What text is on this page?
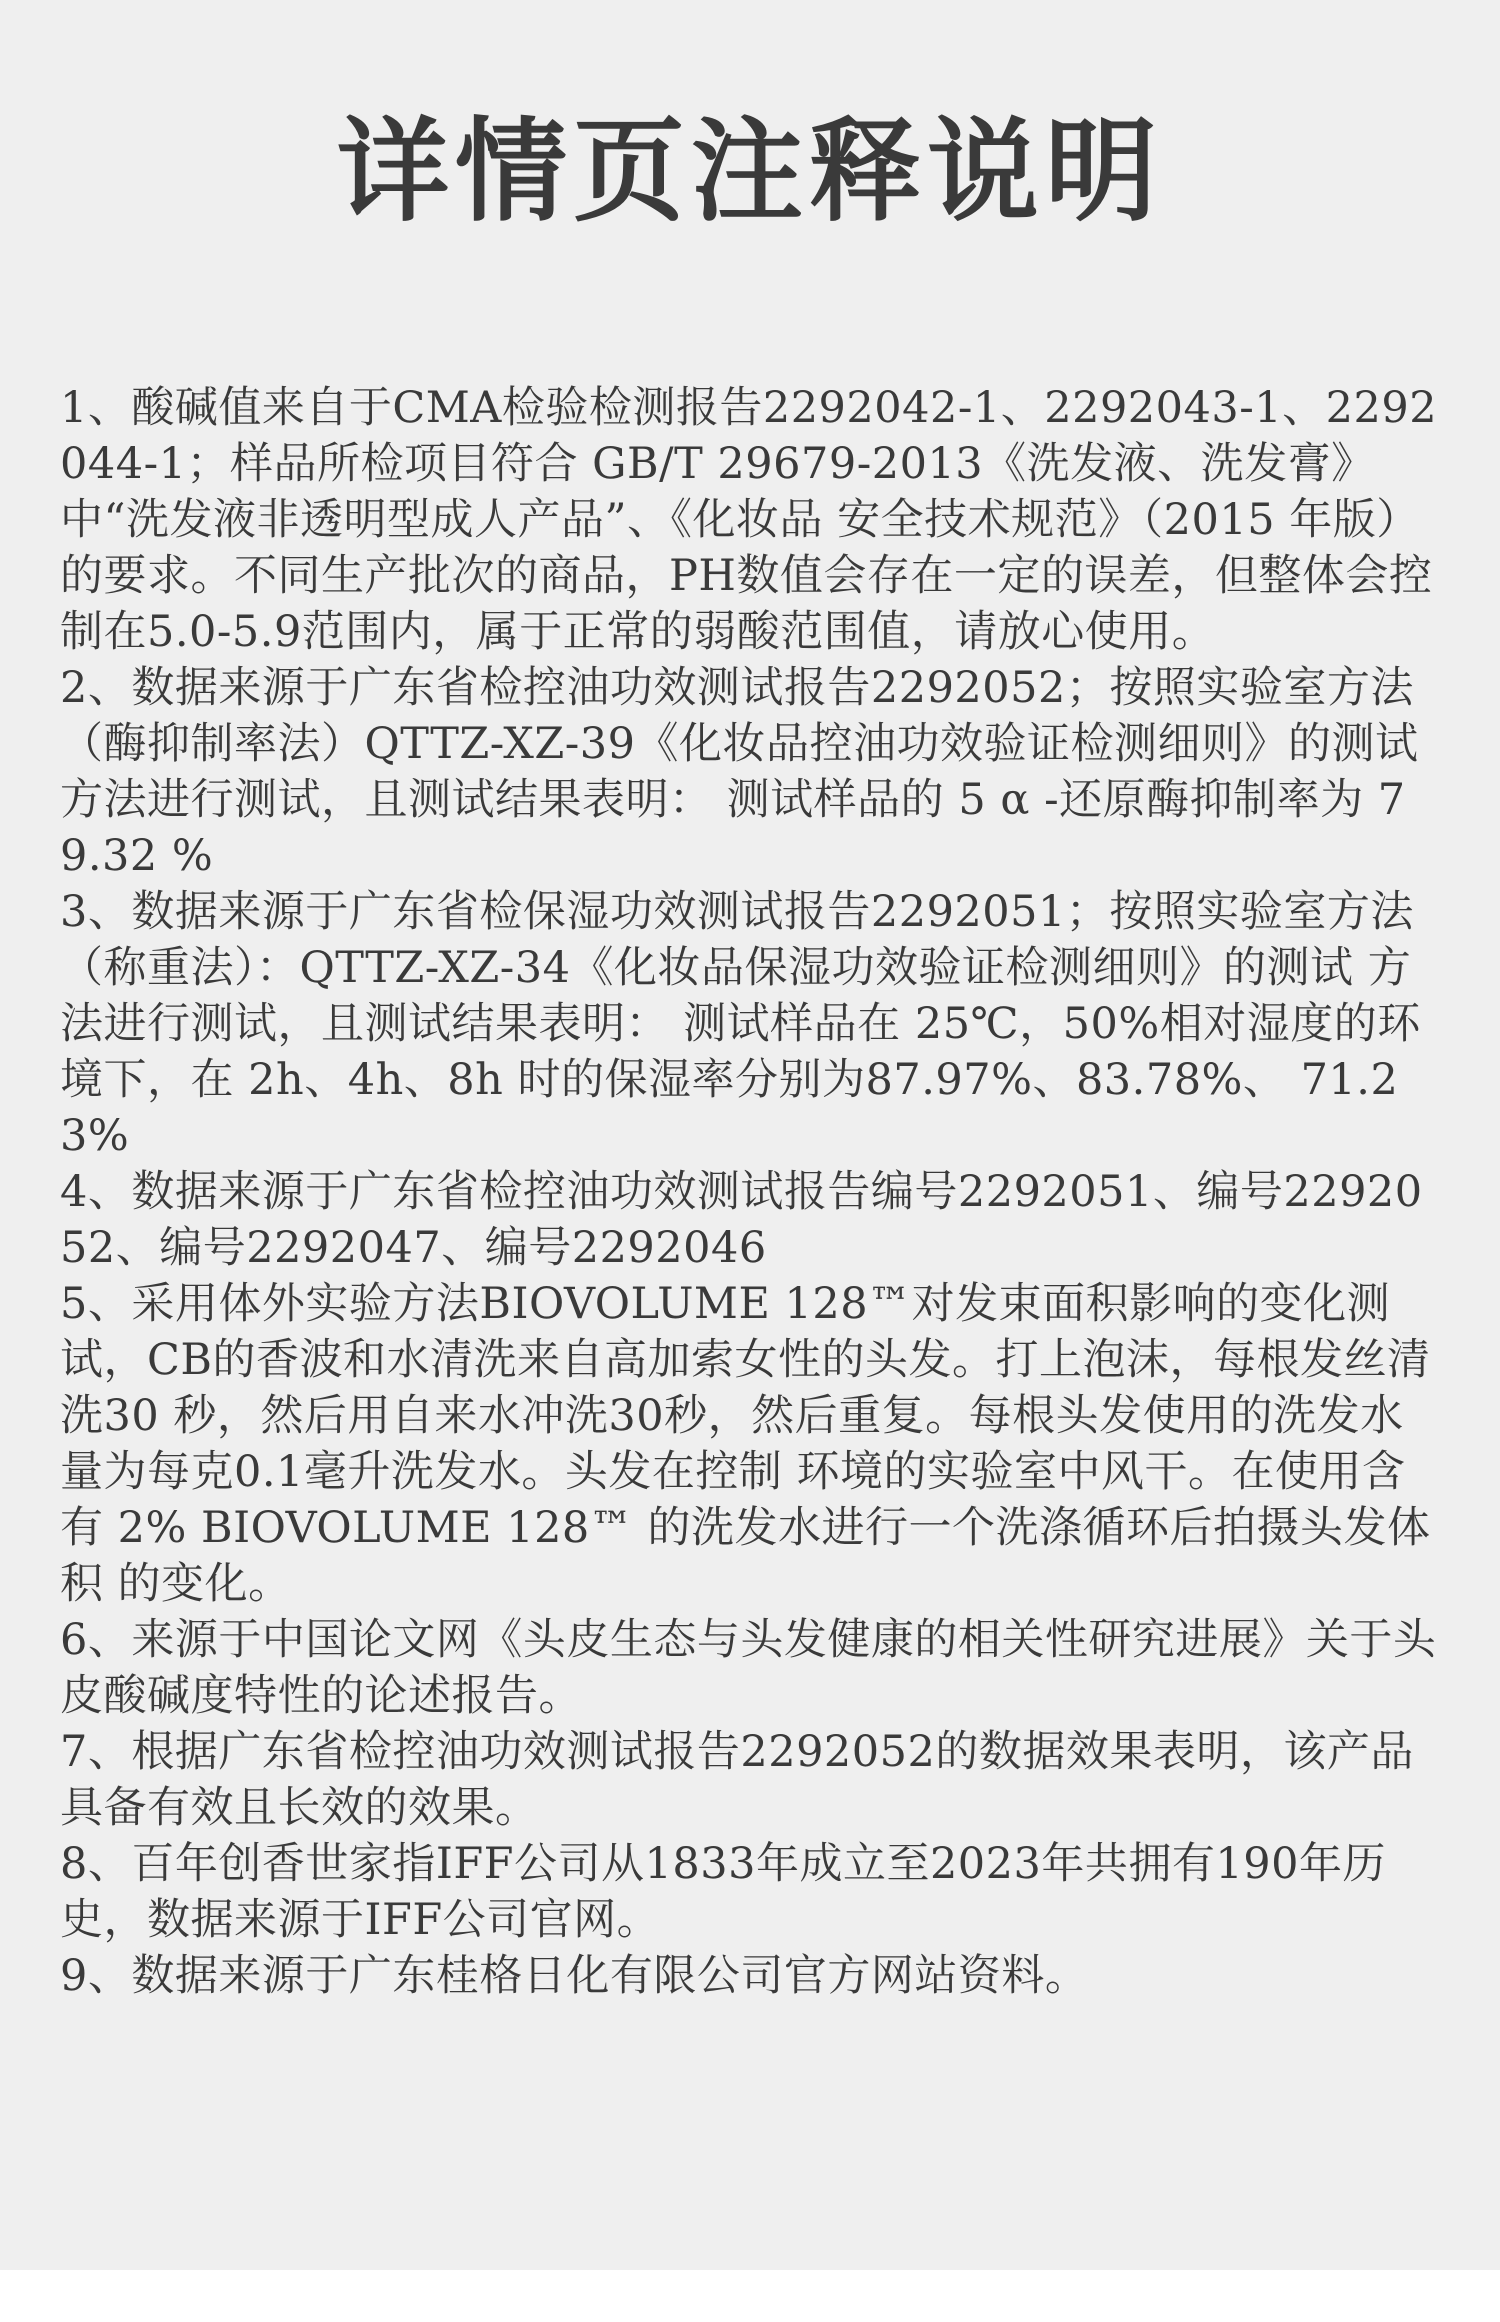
详情页注释说明
1、酸碱值来自于CMA检验检测报告2292042-1、2292043-1、2292044-1；样品所检项目符合 GB/T 29679-2013《洗发液、洗发膏》中“洗发液非透明型成人产品”、《化妆品 安全技术规范》（2015 年版）的要求。不同生产批次的商品，PH数值会存在一定的误差，但整体会控制在5.0-5.9范围内，属于正常的弱酸范围值，请放心使用。
2、数据来源于广东省检控油功效测试报告2292052；按照实验室方法（酶抑制率法）QTTZ-XZ-39《化妆品控油功效验证检测细则》的测试方法进行测试，且测试结果表明： 测试样品的 5 α -还原酶抑制率为 79.32 %
3、数据来源于广东省检保湿功效测试报告2292051；按照实验室方法（称重法）：QTTZ-XZ-34《化妆品保湿功效验证检测细则》的测试 方法进行测试，且测试结果表明： 测试样品在 25℃，50%相对湿度的环境下，在 2h、4h、8h 时的保湿率分别为87.97%、83.78%、 71.23%
4、数据来源于广东省检控油功效测试报告编号2292051、编号2292052、编号2292047、编号2292046
5、采用体外实验方法BIOVOLUME 128™对发束面积影响的变化测试，CB的香波和水清洗来自高加索女性的头发。打上泡沫，每根发丝清洗30 秒，然后用自来水冲洗30秒，然后重复。每根头发使用的洗发水量为每克0.1毫升洗发水。头发在控制 环境的实验室中风干。在使用含有 2% BIOVOLUME 128™ 的洗发水进行一个洗涤循环后拍摄头发体积 的变化。
6、来源于中国论文网《头皮生态与头发健康的相关性研究进展》关于头皮酸碱度特性的论述报告。
7、根据广东省检控油功效测试报告2292052的数据效果表明，该产品具备有效且长效的效果。
8、百年创香世家指IFF公司从1833年成立至2023年共拥有190年历史，数据来源于IFF公司官网。
9、数据来源于广东桂格日化有限公司官方网站资料。
